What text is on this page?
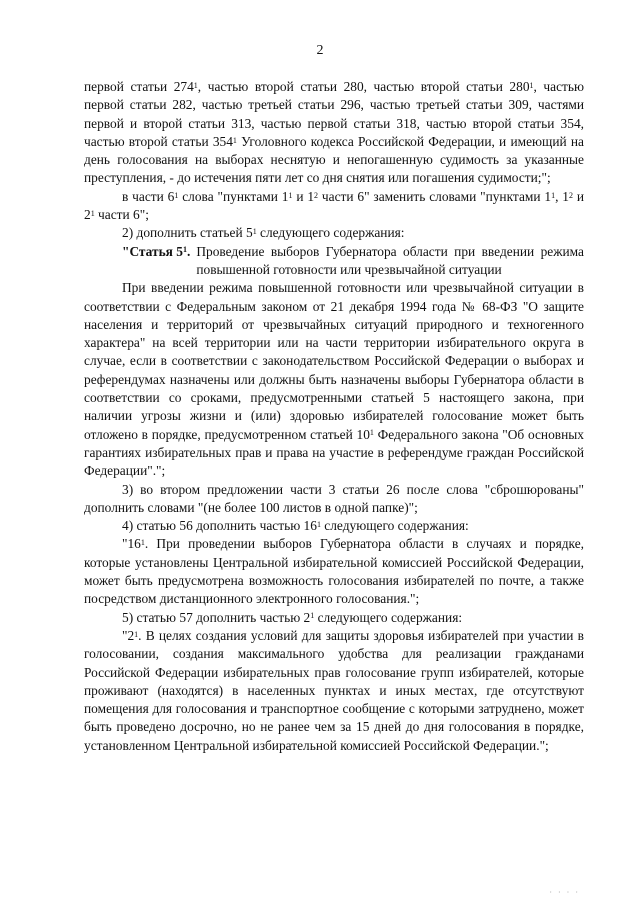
2

первой статьи $274^1$, частью второй статьи 280, частью второй статьи $280^1$, частью первой статьи 282, частью третьей статьи 296, частью третьей статьи 309, частями первой и второй статьи 313, частью первой статьи 318, частью второй статьи 354, частью второй статьи $354^1$ Уголовного кодекса Российской Федерации, и имеющий на день голосования на выборах неснятую и непогашенную судимость за указанные преступления, - до истечения пяти лет со дня снятия или погашения судимости;";

в части $6^1$ слова "пунктами $1^1$ и $1^2$ части 6" заменить словами "пунктами $1^1$, $1^2$ и $2^1$ части 6";

2) дополнить статьей $5^1$ следующего содержания:

"Статья $5^1$. Проведение выборов Губернатора области при введении режима повышенной готовности или чрезвычайной ситуации

При введении режима повышенной готовности или чрезвычайной ситуации в соответствии с Федеральным законом от 21 декабря 1994 года № 68-ФЗ "О защите населения и территорий от чрезвычайных ситуаций природного и техногенного характера" на всей территории или на части территории избирательного округа в случае, если в соответствии с законодательством Российской Федерации о выборах и референдумах назначены или должны быть назначены выборы Губернатора области в соответствии со сроками, предусмотренными статьей 5 настоящего закона, при наличии угрозы жизни и (или) здоровью избирателей голосование может быть отложено в порядке, предусмотренном статьей $10^1$ Федерального закона "Об основных гарантиях избирательных прав и права на участие в референдуме граждан Российской Федерации".";

3) во втором предложении части 3 статьи 26 после слова "сброшюрованы" дополнить словами "(не более 100 листов в одной папке)";

4) статью 56 дополнить частью $16^1$ следующего содержания:

"$16^1$. При проведении выборов Губернатора области в случаях и порядке, которые установлены Центральной избирательной комиссией Российской Федерации, может быть предусмотрена возможность голосования избирателей по почте, а также посредством дистанционного электронного голосования.";

5) статью 57 дополнить частью $2^1$ следующего содержания:

"$2^1$. В целях создания условий для защиты здоровья избирателей при участии в голосовании, создания максимального удобства для реализации гражданами Российской Федерации избирательных прав голосование групп избирателей, которые проживают (находятся) в населенных пунктах и иных местах, где отсутствуют помещения для голосования и транспортное сообщение с которыми затруднено, может быть проведено досрочно, но не ранее чем за 15 дней до дня голосования в порядке, установленном Центральной избирательной комиссией Российской Федерации.";

· · · ·
